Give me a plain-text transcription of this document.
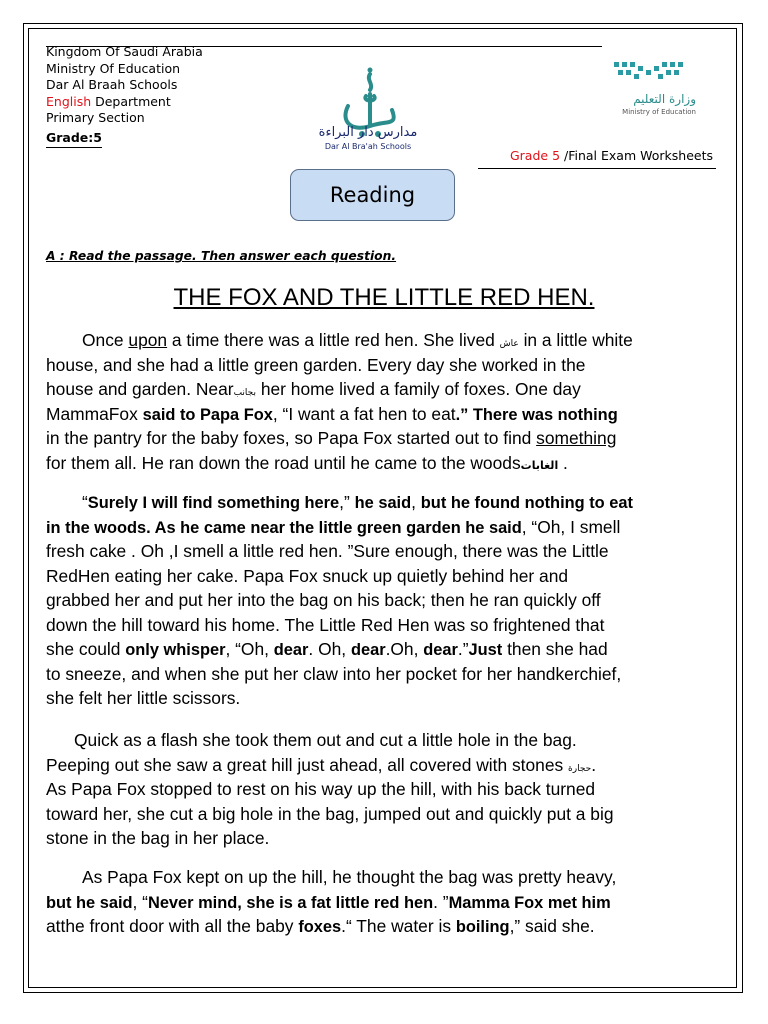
Kingdom Of Saudi Arabia
Ministry Of Education
Dar Al Braah Schools
English Department
Primary Section
Grade:5	مدارس دار البراءة
Dar Al Bra'ah Schools
وزارة التعليم
Ministry of Education
Grade 5 /Final Exam Worksheets
Reading
A : Read the passage. Then answer each question.
THE FOX AND THE LITTLE RED HEN.
Once upon a time there was a little red hen. She lived عاش in a little white
house, and she had a little green garden. Every day she worked in the
house and garden. Nearبجانب her home lived a family of foxes. One day
MammaFox said to Papa Fox, “I want a fat hen to eat.” There was nothing
in the pantry for the baby foxes, so Papa Fox started out to find something
for them all. He ran down the road until he came to the woodsالغابات .
“Surely I will find something here,” he said, but he found nothing to eat
in the woods. As he came near the little green garden he said, “Oh, I smell
fresh cake . Oh ,I smell a little red hen. ”Sure enough, there was the Little
RedHen eating her cake. Papa Fox snuck up quietly behind her and
grabbed her and put her into the bag on his back; then he ran quickly off
down the hill toward his home. The Little Red Hen was so frightened that
she could only whisper, “Oh, dear. Oh, dear.Oh, dear.”Just then she had
to sneeze, and when she put her claw into her pocket for her handkerchief,
she felt her little scissors.
Quick as a flash she took them out and cut a little hole in the bag.
Peeping out she saw a great hill just ahead, all covered with stones حجارة.
As Papa Fox stopped to rest on his way up the hill, with his back turned
toward her, she cut a big hole in the bag, jumped out and quickly put a big
stone in the bag in her place.
As Papa Fox kept on up the hill, he thought the bag was pretty heavy,
but he said, “Never mind, she is a fat little red hen. ”Mamma Fox met him
atthe front door with all the baby foxes.“ The water is boiling,” said she.
